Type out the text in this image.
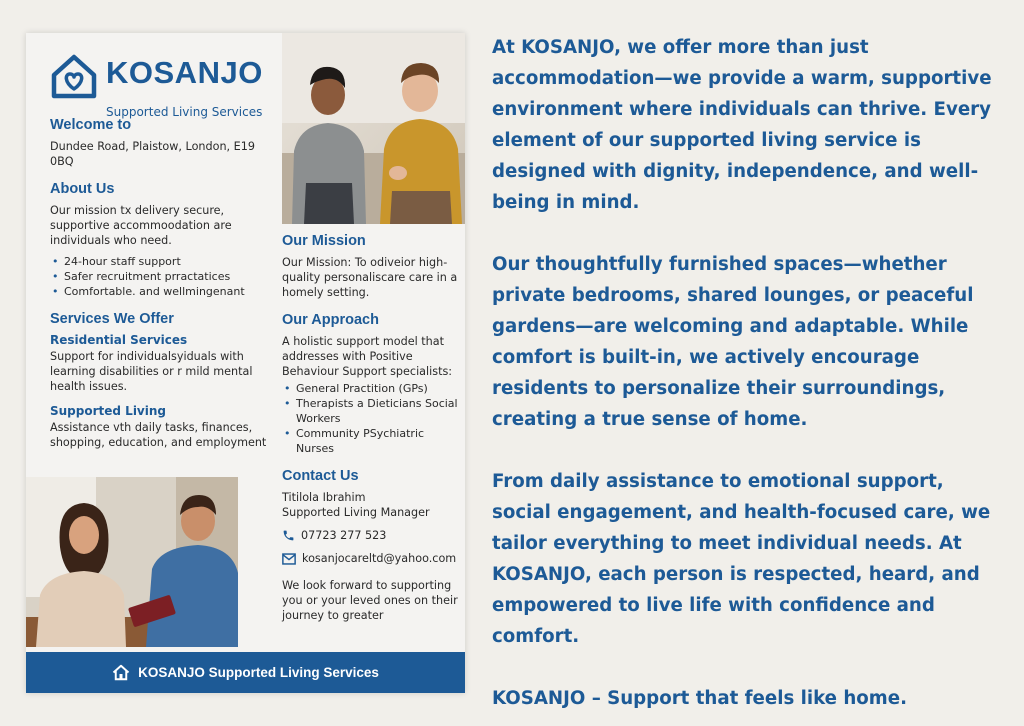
KOSANJO
Supported Living Services
Welcome to

Dundee Road, Plaistow, London, E19 0BQ

About Us

Our mission tx delivery secure, supportive accommoodation are individuals who need.

• 24-hour staff support
• Safer recruitment prractatices
• Comfortable. and wellmingenant
Services We Offer
Residential Services

Support for individualsyiduals with learning disabilities or r mild mental health issues.

Supported Living

Assistance vth daily tasks, finances, shopping, education, and employment

Our Mission

Our Mission: To odiveior high-quality personaliscare care in a homely setting.

Our Approach

A holistic support model that addresses with Positive Behaviour Support specialists:

• General Practition (GPs)
• Therapists a Dieticians Social Workers
• Community PSychiatric Nurses
Contact Us

Titilola Ibrahim

Supported Living Manager

07723 277 523

kosanjocareltd@yahoo.com

We look forward to supporting you or your leved ones on their journey to greater

KOSANJO Supported Living Services

At KOSANJO, we offer more than just accommodation—we provide a warm, supportive environment where individuals can thrive. Every element of our supported living service is designed with dignity, independence, and well-being in mind.

Our thoughtfully furnished spaces—whether private bedrooms, shared lounges, or peaceful gardens—are welcoming and adaptable. While comfort is built-in, we actively encourage residents to personalize their surroundings, creating a true sense of home.

From daily assistance to emotional support, social engagement, and health-focused care, we tailor everything to meet individual needs. At KOSANJO, each person is respected, heard, and empowered to live life with confidence and comfort.

KOSANJO – Support that feels like home.
